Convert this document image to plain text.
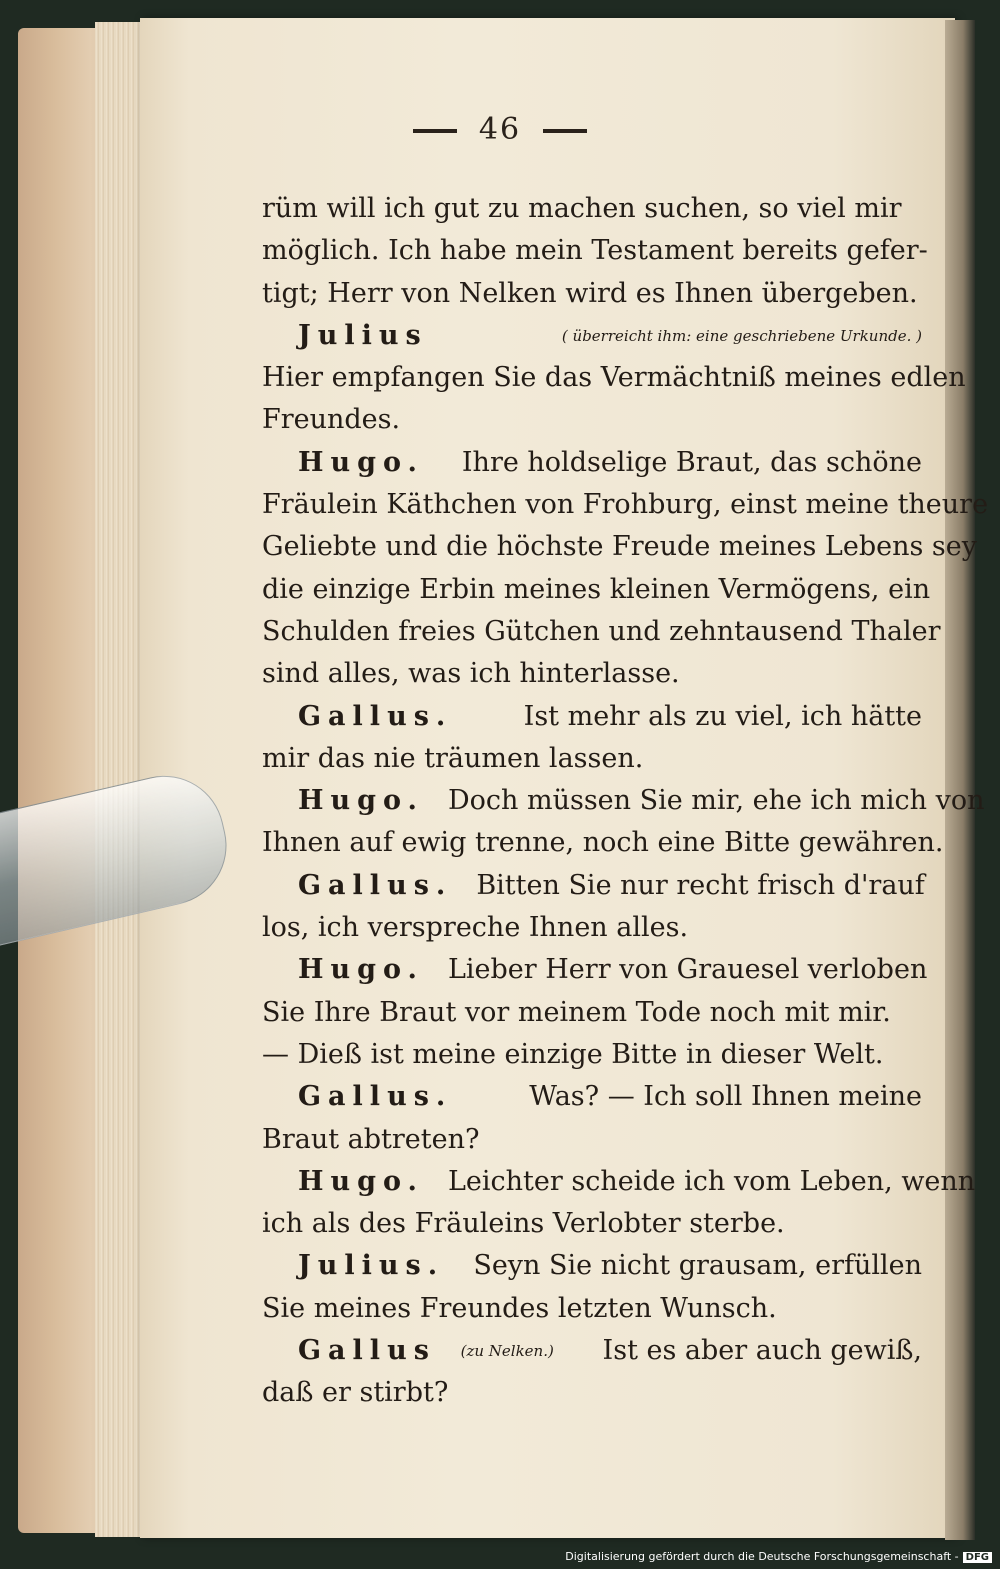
46
rüm will ich gut zu machen suchen, so viel mir
möglich. Ich habe mein Testament bereits gefer-
tigt; Herr von Nelken wird es Ihnen übergeben.
Julius	( überreicht ihm: eine geschriebene Urkunde. )
Hier empfangen Sie das Vermächtniß meines edlen
Freundes.
Hugo. Ihre holdselige Braut, das schöne
Fräulein Käthchen von Frohburg, einst meine theure
Geliebte und die höchste Freude meines Lebens sey
die einzige Erbin meines kleinen Vermögens, ein
Schulden freies Gütchen und zehntausend Thaler
sind alles, was ich hinterlasse.
Gallus.	Ist mehr als zu viel, ich hätte
mir das nie träumen lassen.
Hugo. Doch müssen Sie mir, ehe ich mich von
Ihnen auf ewig trenne, noch eine Bitte gewähren.
Gallus. Bitten Sie nur recht frisch d'rauf
los, ich verspreche Ihnen alles.
Hugo. Lieber Herr von Grauesel verloben
Sie Ihre Braut vor meinem Tode noch mit mir.
— Dieß ist meine einzige Bitte in dieser Welt.
Gallus.	Was? — Ich soll Ihnen meine
Braut abtreten?
Hugo. Leichter scheide ich vom Leben, wenn
ich als des Fräuleins Verlobter sterbe.
Julius. Seyn Sie nicht grausam, erfüllen
Sie meines Freundes letzten Wunsch.
Gallus (zu Nelken.) Ist es aber auch gewiß,
daß er stirbt?
Digitalisierung gefördert durch die Deutsche Forschungsgemeinschaft - DFG
